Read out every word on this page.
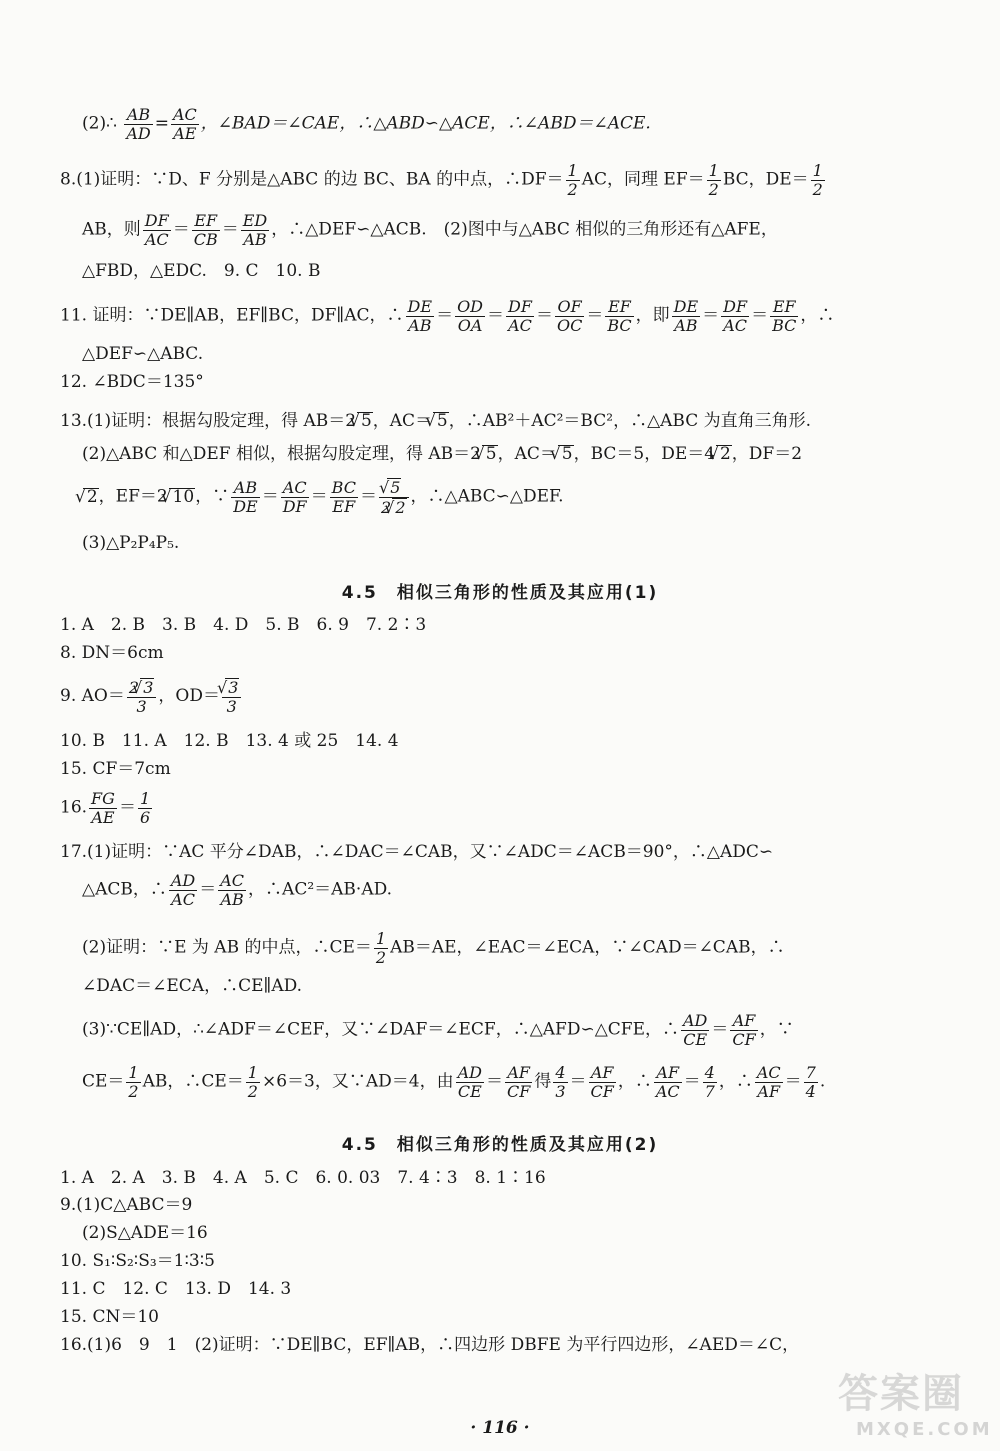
(2)∴ $\frac{AB}{AD} = \frac{AC}{AE}$ ，∠BAD＝∠CAE，∴△ABD∽△ACE，∴∠ABD＝∠ACE.
8.(1)证明：∵D、F 分别是△ABC 的边 BC、BA 的中点，∴DF＝ $\frac{1}{2}$ AC，同理 $EF= \frac{1}{2}$ BC，$DE= \frac{1}{2}$
AB，则 $\frac{DF}{AC} = \frac{EF}{CB} = \frac{ED}{AB}$ ，∴△DEF∽△ACB.　(2)图中与△ABC 相似的三角形还有△AFE，
△FBD，△EDC.　9. C　10. B
11. 证明：∵DE∥AB，EF∥BC，DF∥AC，∴ $\frac{DE}{AB} = \frac{OD}{OA} = \frac{DF}{AC} = \frac{OF}{OC} = \frac{EF}{BC}$ ，即 $\frac{DE}{AB} = \frac{DF}{AC} = \frac{EF}{BC}$ ，∴
△DEF∽△ABC.
12. ∠BDC＝135°
13.(1)证明：根据勾股定理，得 AB＝2 √ 5，AC＝ √ 5，∴AB²＋AC²＝BC²，∴△ABC 为直角三角形.
(2)△ABC 和△DEF 相似，根据勾股定理，得 AB＝2 √ 5，AC＝ √ 5，BC＝5，DE＝4 √ 2，DF＝2
√ 2，EF＝2 √ 10，∵ $\frac{AB}{DE} = \frac{AC}{DF} = \frac{BC}{EF}$ ＝ √ $\frac{5}{2 √ 2}$ ，∴△ABC∽△DEF.
(3)△P₂P₄P₅.
4.5　相似三角形的性质及其应用(1)
1. A　2. B　3. B　4. D　5. B　6. 9　7. 2∶3
8. DN＝6cm
9. $AO= \frac{2 √ 3}{3}$ ，OD＝ √ $\frac{3}{3}$
10. B　11. A　12. B　13. 4 或 25　14. 4
15. CF＝7cm
16. $\frac{FG}{AE} = \frac{1}{6}$
17.(1)证明：∵AC 平分∠DAB，∴∠DAC＝∠CAB，又∵∠ADC＝∠ACB＝90°，∴△ADC∽
△ACB，∴ $\frac{AD}{AC} = \frac{AC}{AB}$ ，∴AC²＝AB·AD.
(2)证明：∵E 为 AB 的中点，∴CE＝ $\frac{1}{2} AB=AE$，∠EAC＝∠ECA，∵∠CAD＝∠CAB，∴
∠DAC＝∠ECA，∴CE∥AD.
(3)∵CE∥AD，∴∠ADF＝∠CEF，又∵∠DAF＝∠ECF，∴△AFD∽△CFE，∴ $\frac{AD}{CE} = \frac{AF}{CF}$ ，∵
$CE= \frac{1}{2}$ AB，∴CE＝ $\frac{1}{2} \times 6=3$，又∵AD＝4，由 $\frac{AD}{CE} = \frac{AF}{CF}$ 得 $\frac{4}{3} = \frac{AF}{CF}$ ，∴ $\frac{AF}{AC} = \frac{4}{7}$ ，∴ $\frac{AC}{AF} = \frac{7}{4}$ .
4.5　相似三角形的性质及其应用(2)
1. A　2. A　3. B　4. A　5. C　6. 0. 03　7. 4∶3　8. 1∶16
9.(1)C△ABC＝9
(2)S△ADE＝16
10. S₁∶S₂∶S₃＝1∶3∶5
11. C　12. C　13. D　14. 3
15. CN＝10
16.(1)6　9　1　(2)证明：∵DE∥BC，EF∥AB，∴四边形 DBFE 为平行四边形，∠AED＝∠C，
· 116 ·
答案圈
MXQE.COM
